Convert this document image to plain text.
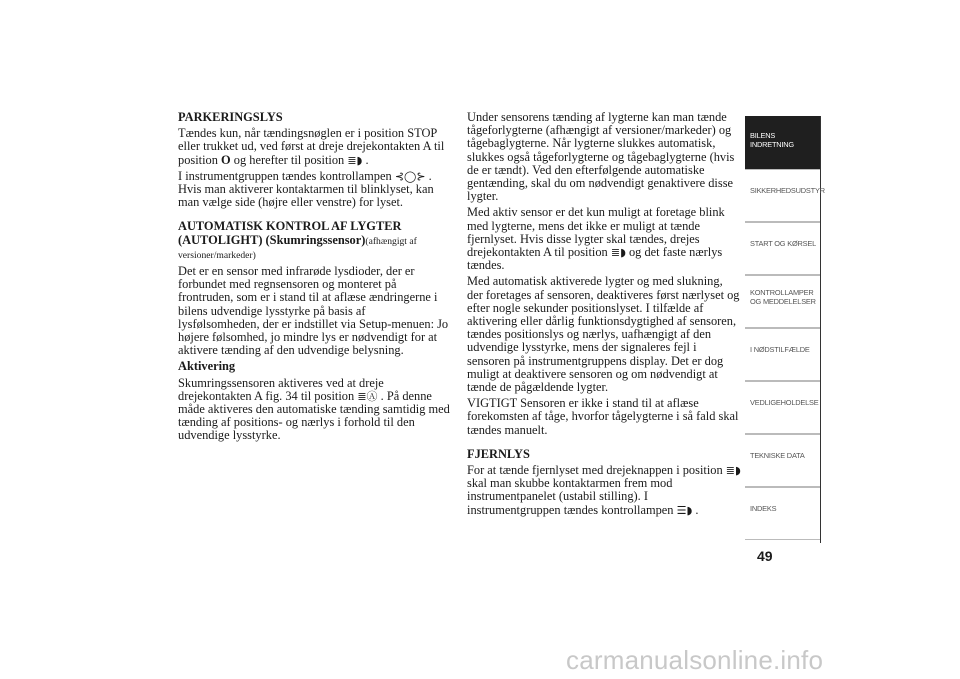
PARKERINGSLYS

Tændes kun, når tændingsnøglen er i position STOP eller trukket ud, ved først at dreje drejekontakten A til position O og herefter til position ≣◗ .

I instrumentgruppen tændes kontrollampen ⊰◯⊱ . Hvis man aktiverer kontaktarmen til blinklyset, kan man vælge side (højre eller venstre) for lyset.

AUTOMATISK KONTROL AF LYGTER (AUTOLIGHT) (Skumringssensor)(afhængigt af versioner/markeder)

Det er en sensor med infrarøde lysdioder, der er forbundet med regnsensoren og monteret på frontruden, som er i stand til at aflæse ændringerne i bilens udvendige lysstyrke på basis af lysfølsomheden, der er indstillet via Setup-menuen: Jo højere følsomhed, jo mindre lys er nødvendigt for at aktivere tænding af den udvendige belysning.

Aktivering

Skumringssensoren aktiveres ved at dreje drejekontakten A fig. 34 til position ≣Ⓐ . På denne måde aktiveres den automatiske tænding samtidig med tænding af positions- og nærlys i forhold til den udvendige lysstyrke.

Under sensorens tænding af lygterne kan man tænde tågeforlygterne (afhængigt af versioner/markeder) og tågebaglygterne. Når lygterne slukkes automatisk, slukkes også tågeforlygterne og tågebaglygterne (hvis de er tændt). Ved den efterfølgende automatiske gentænding, skal du om nødvendigt genaktivere disse lygter.

Med aktiv sensor er det kun muligt at foretage blink med lygterne, mens det ikke er muligt at tænde fjernlyset. Hvis disse lygter skal tændes, drejes drejekontakten A til position ≣◗ og det faste nærlys tændes.

Med automatisk aktiverede lygter og med slukning, der foretages af sensoren, deaktiveres først nærlyset og efter nogle sekunder positionslyset. I tilfælde af aktivering eller dårlig funktionsdygtighed af sensoren, tændes positionslys og nærlys, uafhængigt af den udvendige lysstyrke, mens der signaleres fejl i sensoren på instrumentgruppens display. Det er dog muligt at deaktivere sensoren og om nødvendigt at tænde de pågældende lygter.

VIGTIGT Sensoren er ikke i stand til at aflæse forekomsten af tåge, hvorfor tågelygterne i så fald skal tændes manuelt.

FJERNLYS

For at tænde fjernlyset med drejeknappen i position ≣◗ skal man skubbe kontaktarmen frem mod instrumentpanelet (ustabil stilling). I instrumentgruppen tændes kontrollampen ☰◗ .

BILENS INDRETNING
SIKKERHEDSUDSTYR
START OG KØRSEL
KONTROLLAMPER OG MEDDELELSER
I NØDSTILFÆLDE
VEDLIGEHOLDELSE
TEKNISKE DATA
INDEKS
49
carmanualsonline.info
